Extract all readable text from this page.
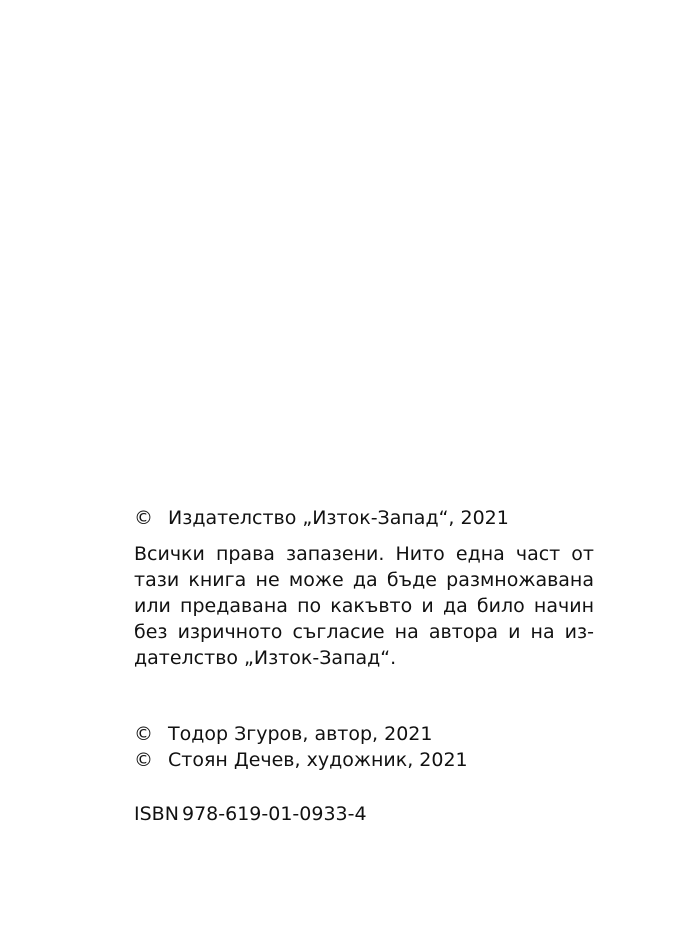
© Издателство „Изток-Запад“, 2021
Всички права запазени. Нито една част от
тази книга не може да бъде размножавана
или предавана по какъвто и да било начин
без изричното съгласие на автора и на из-
дателство „Изток-Запад“.
© Тодор Згуров, автор, 2021
© Стоян Дечев, художник, 2021
ISBN 978-619-01-0933-4
